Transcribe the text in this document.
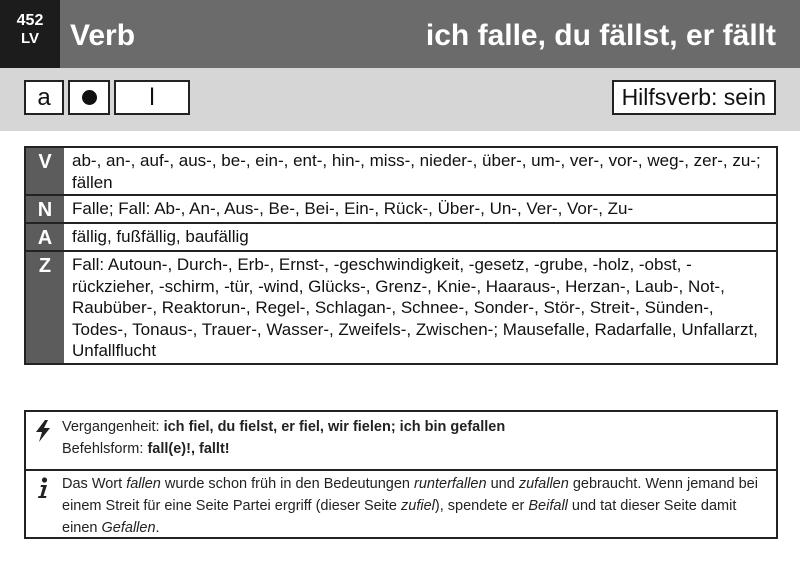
452
LV	Verb	ich falle, du fällst, er fällt
a	l	Hilfsverb: sein
V	ab-, an-, auf-, aus-, be-, ein-, ent-, hin-, miss-, nieder-, über-, um-, ver-, vor-, weg-, zer-, zu-; fällen
N	Falle; Fall: Ab-, An-, Aus-, Be-, Bei-, Ein-, Rück-, Über-, Un-, Ver-, Vor-, Zu-
A	fällig, fußfällig, baufällig
Z	Fall: Autoun-, Durch-, Erb-, Ernst-, -geschwindigkeit, -gesetz, -grube, -holz, -obst, -rückzieher, -schirm, -tür, -wind, Glücks-, Grenz-, Knie-, Haaraus-, Herzan-, Laub-, Not-, Raubüber-, Reaktorun-, Regel-, Schlagan-, Schnee-, Sonder-, Stör-, Streit-, Sünden-, Todes-, Tonaus-, Trauer-, Wasser-, Zweifels-, Zwischen-; Mausefalle, Radarfalle, Unfallarzt, Unfallflucht
Vergangenheit: ich fiel, du fielst, er fiel, wir fielen; ich bin gefallen
Befehlsform: fall(e)!, fallt!
Das Wort fallen wurde schon früh in den Bedeutungen runterfallen und zufallen gebraucht. Wenn jemand bei einem Streit für eine Seite Partei ergriff (dieser Seite zufiel), spendete er Beifall und tat dieser Seite damit einen Gefallen.
